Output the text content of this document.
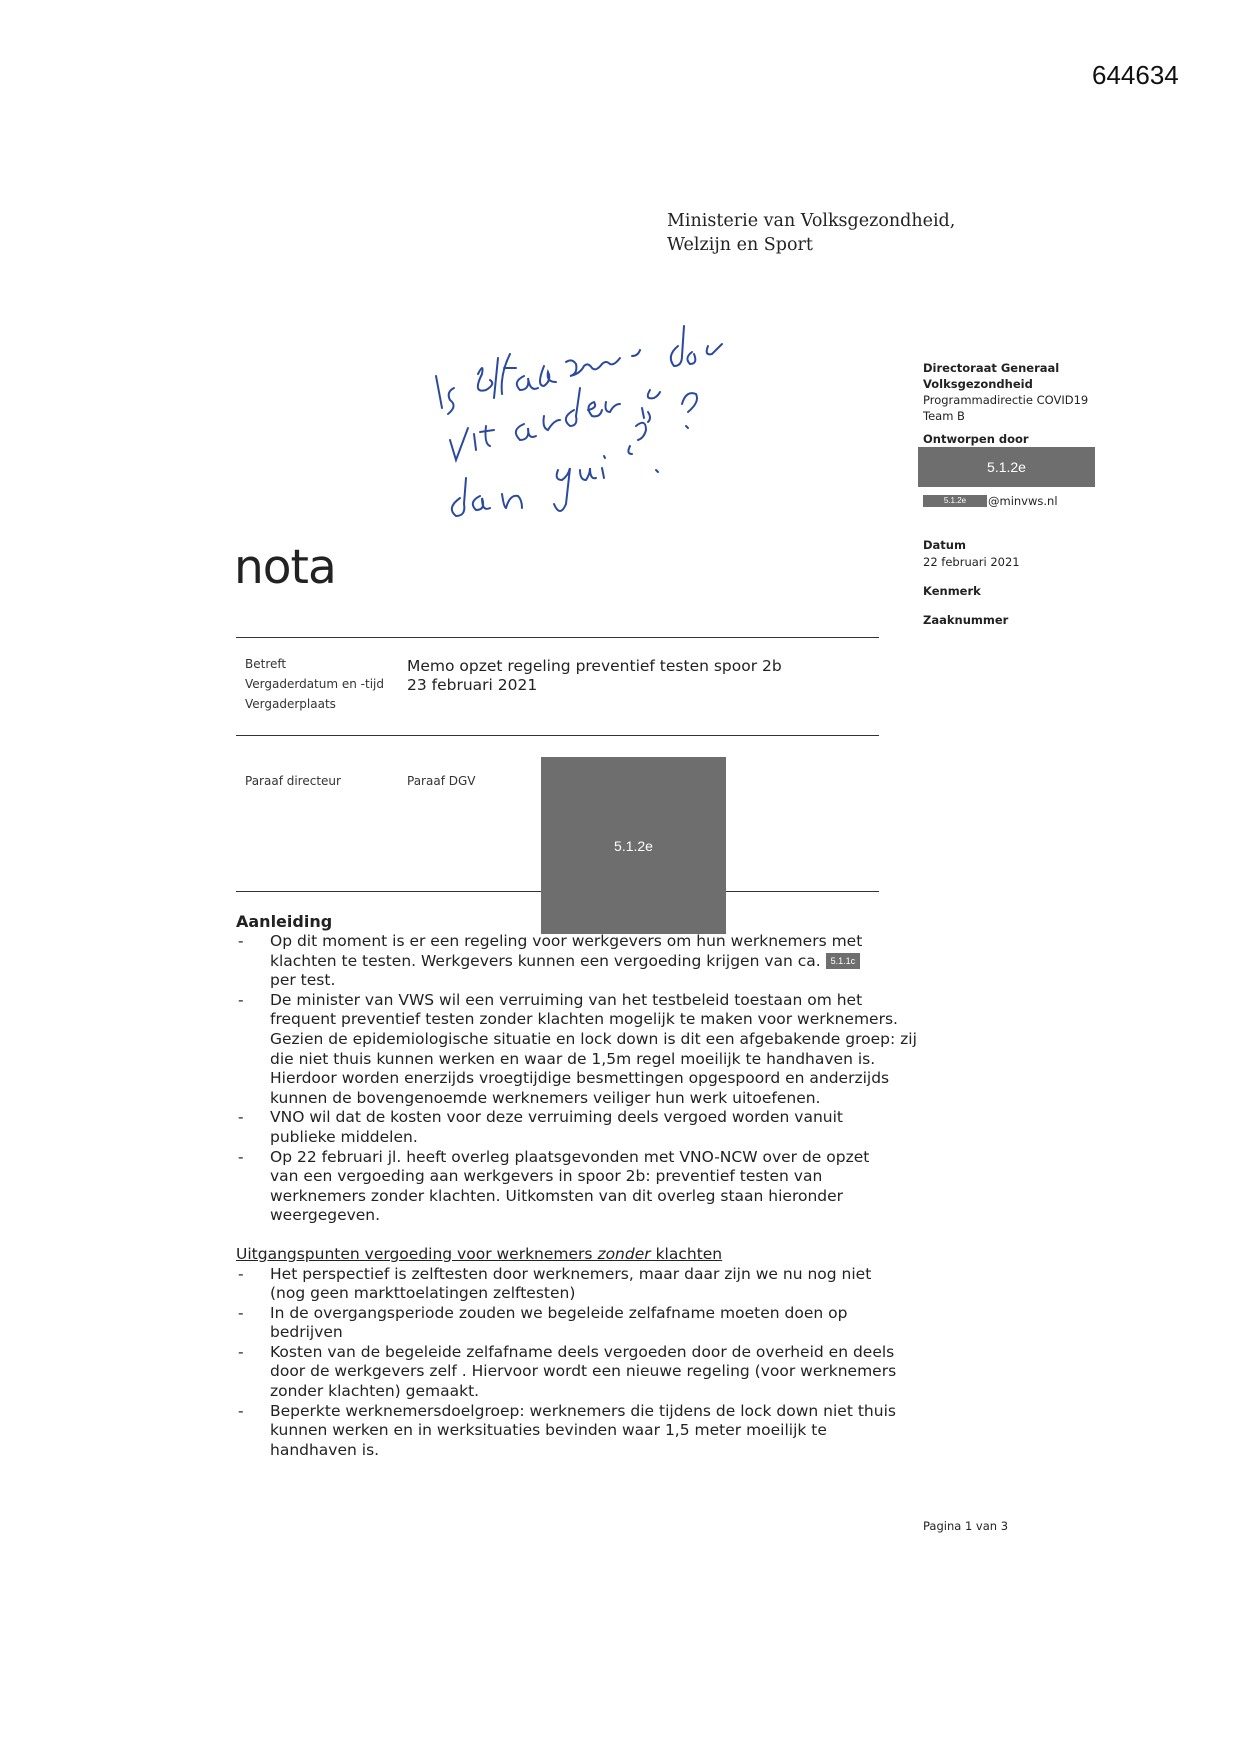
644634
Ministerie van Volksgezondheid,
Welzijn en Sport
nota
Directoraat Generaal
Volksgezondheid
Programmadirectie COVID19
Team B
Ontworpen door
5.1.2e
5.1.2e	@minvws.nl
Datum
22 februari 2021
Kenmerk
Zaaknummer
Betreft
Vergaderdatum en -tijd
Vergaderplaats
Memo opzet regeling preventief testen spoor 2b
23 februari 2021
Paraaf directeur	Paraaf DGV
5.1.2e
Aanleiding
- Op dit moment is er een regeling voor werkgevers om hun werknemers met klachten te testen. Werkgevers kunnen een vergoeding krijgen van ca. 5.1.1c
per test.
- De minister van VWS wil een verruiming van het testbeleid toestaan om het frequent preventief testen zonder klachten mogelijk te maken voor werknemers. Gezien de epidemiologische situatie en lock down is dit een afgebakende groep: zij die niet thuis kunnen werken en waar de 1,5m regel moeilijk te handhaven is. Hierdoor worden enerzijds vroegtijdige besmettingen opgespoord en anderzijds kunnen de bovengenoemde werknemers veiliger hun werk uitoefenen.
- VNO wil dat de kosten voor deze verruiming deels vergoed worden vanuit publieke middelen.
- Op 22 februari jl. heeft overleg plaatsgevonden met VNO-NCW over de opzet van een vergoeding aan werkgevers in spoor 2b: preventief testen van werknemers zonder klachten. Uitkomsten van dit overleg staan hieronder weergegeven.
Uitgangspunten vergoeding voor werknemers zonder klachten
- Het perspectief is zelftesten door werknemers, maar daar zijn we nu nog niet (nog geen markttoelatingen zelftesten)
- In de overgangsperiode zouden we begeleide zelfafname moeten doen op bedrijven
- Kosten van de begeleide zelfafname deels vergoeden door de overheid en deels door de werkgevers zelf . Hiervoor wordt een nieuwe regeling (voor werknemers zonder klachten) gemaakt.
- Beperkte werknemersdoelgroep: werknemers die tijdens de lock down niet thuis kunnen werken en in werksituaties bevinden waar 1,5 meter moeilijk te handhaven is.
Pagina 1 van 3
